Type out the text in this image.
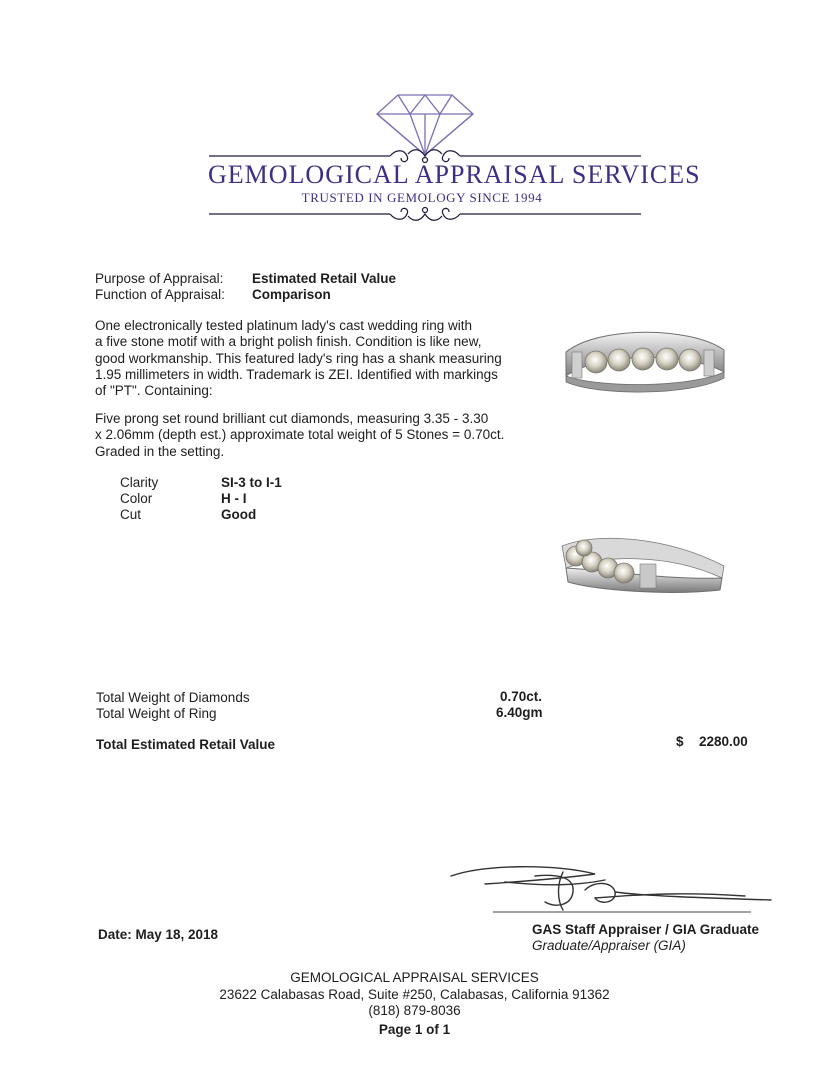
GEMOLOGICAL APPRAISAL SERVICES
TRUSTED IN GEMOLOGY SINCE 1994
Purpose of Appraisal: Estimated Retail Value
Function of Appraisal: Comparison
One electronically tested platinum lady's cast wedding ring with
a five stone motif with a bright polish finish. Condition is like new,
good workmanship. This featured lady's ring has a shank measuring
1.95 millimeters in width. Trademark is ZEI. Identified with markings
of "PT". Containing:
Five prong set round brilliant cut diamonds, measuring 3.35 - 3.30
x 2.06mm (depth est.) approximate total weight of 5 Stones = 0.70ct.
Graded in the setting.
Clarity	SI-3 to I-1
Color	H - I
Cut	Good
Total Weight of Diamonds	0.70ct.
Total Weight of Ring	6.40gm
Total Estimated Retail Value	$ 2280.00
Date: May 18, 2018	GAS Staff Appraiser / GIA Graduate
Graduate/Appraiser (GIA)
GEMOLOGICAL APPRAISAL SERVICES
23622 Calabasas Road, Suite #250, Calabasas, California 91362
(818) 879-8036
Page 1 of 1
